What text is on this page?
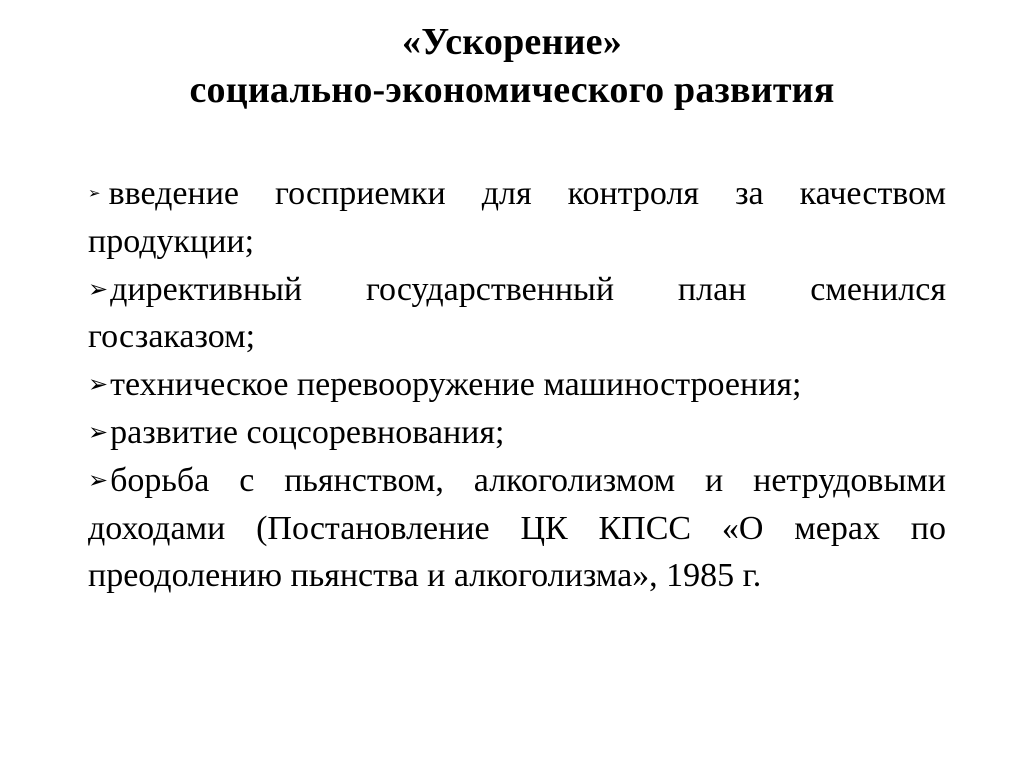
«Ускорение»
социально-экономического развития

➢ введение госприемки для контроля за качеством продукции;

➢директивный государственный план сменился госзаказом;

➢техническое перевооружение машиностроения;

➢развитие соцсоревнования;

➢борьба с пьянством, алкоголизмом и нетрудовыми доходами (Постановление ЦК КПСС «О мерах по преодолению пьянства и алкоголизма», 1985 г.
